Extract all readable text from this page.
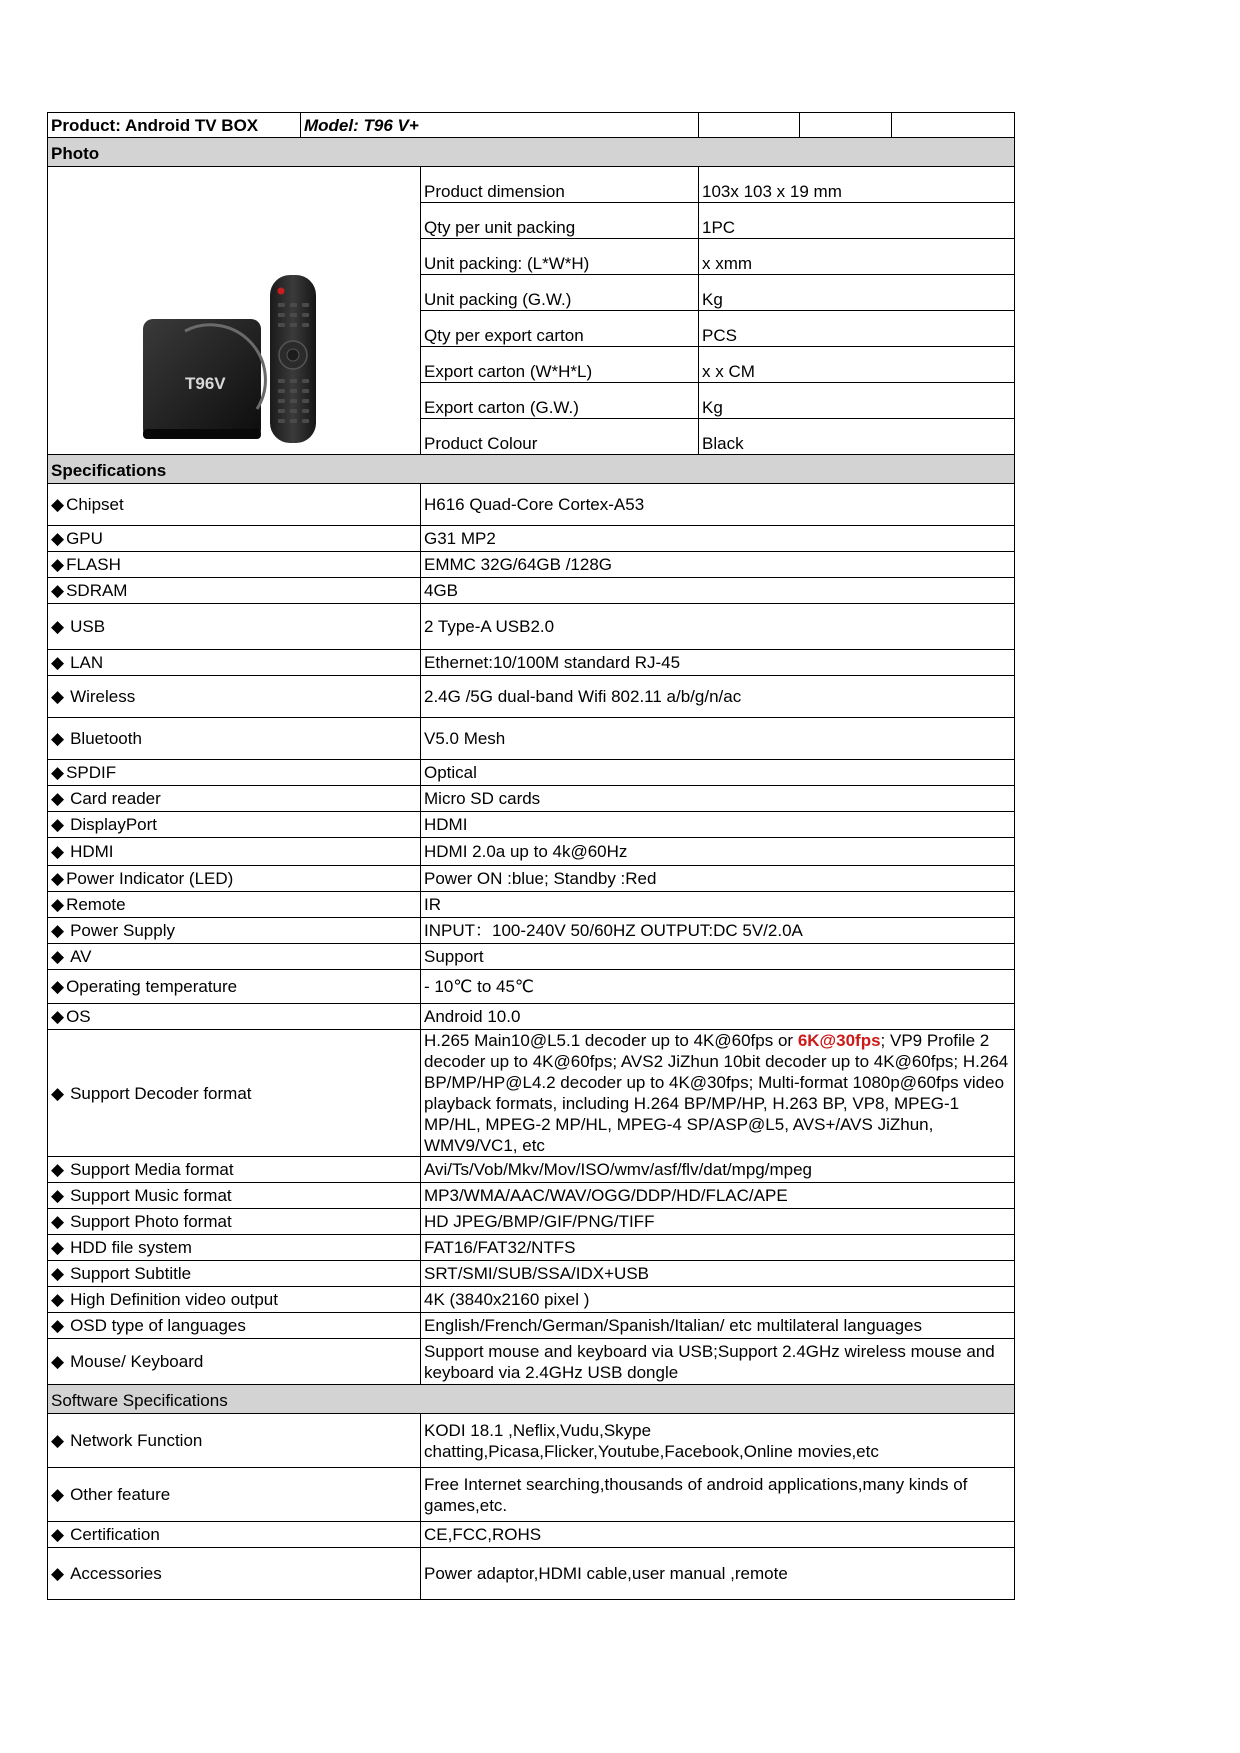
Product: Android TV BOX	Model: T96 V+				
Photo					

T96V		Product dimension	103x 103 x 19 mm		
		Qty per unit packing	1PC		
		Unit packing: (L*W*H)	x xmm		
		Unit packing (G.W.)	Kg		
		Qty per export carton	PCS		
		Export carton (W*H*L)	x x CM		
		Export carton (G.W.)	Kg		
		Product Colour	Black		
Specifications					
◆ Chipset		H616 Quad-Core Cortex-A53			
◆ GPU		G31 MP2			
◆ FLASH		EMMC 32G/64GB /128G			
◆ SDRAM		4GB			
◆ USB		2 Type-A USB2.0			
◆ LAN		Ethernet:10/100M standard RJ-45			
◆ Wireless		2.4G /5G dual-band Wifi 802.11 a/b/g/n/ac			
◆ Bluetooth		V5.0 Mesh			
◆ SPDIF		Optical			
◆ Card reader		Micro SD cards			
◆ DisplayPort		HDMI			
◆ HDMI		HDMI 2.0a up to 4k@60Hz			
◆ Power Indicator (LED)		Power ON :blue; Standby :Red			
◆ Remote		IR			
◆ Power Supply		INPUT：100-240V 50/60HZ OUTPUT:DC 5V/2.0A			
◆ AV		Support			
◆ Operating temperature		- 10℃ to 45℃			
◆ OS		Android 10.0			
◆ Support Decoder format		H.265 Main10@L5.1 decoder up to 4K@60fps or 6K@30fps; VP9 Profile 2 decoder up to 4K@60fps; AVS2 JiZhun 10bit decoder up to 4K@60fps; H.264 BP/MP/HP@L4.2 decoder up to 4K@30fps; Multi-format 1080p@60fps video playback formats, including H.264 BP/MP/HP, H.263 BP, VP8, MPEG-1 MP/HL, MPEG-2 MP/HL, MPEG-4 SP/ASP@L5, AVS+/AVS JiZhun, WMV9/VC1, etc			
◆ Support Media format		Avi/Ts/Vob/Mkv/Mov/ISO/wmv/asf/flv/dat/mpg/mpeg			
◆ Support Music format		MP3/WMA/AAC/WAV/OGG/DDP/HD/FLAC/APE			
◆ Support Photo format		HD JPEG/BMP/GIF/PNG/TIFF			
◆ HDD file system		FAT16/FAT32/NTFS			
◆ Support Subtitle		SRT/SMI/SUB/SSA/IDX+USB			
◆ High Definition video output		4K (3840x2160 pixel )			
◆ OSD type of languages		English/French/German/Spanish/Italian/ etc multilateral languages			
◆ Mouse/ Keyboard		Support mouse and keyboard via USB;Support 2.4GHz wireless mouse and keyboard via 2.4GHz USB dongle			
Software Specifications					
◆ Network Function		KODI 18.1 ,Neflix,Vudu,Skype chatting,Picasa,Flicker,Youtube,Facebook,Online movies,etc			
◆ Other feature		Free Internet searching,thousands of android applications,many kinds of games,etc.			
◆ Certification		CE,FCC,ROHS			
◆ Accessories		Power adaptor,HDMI cable,user manual ,remote			
